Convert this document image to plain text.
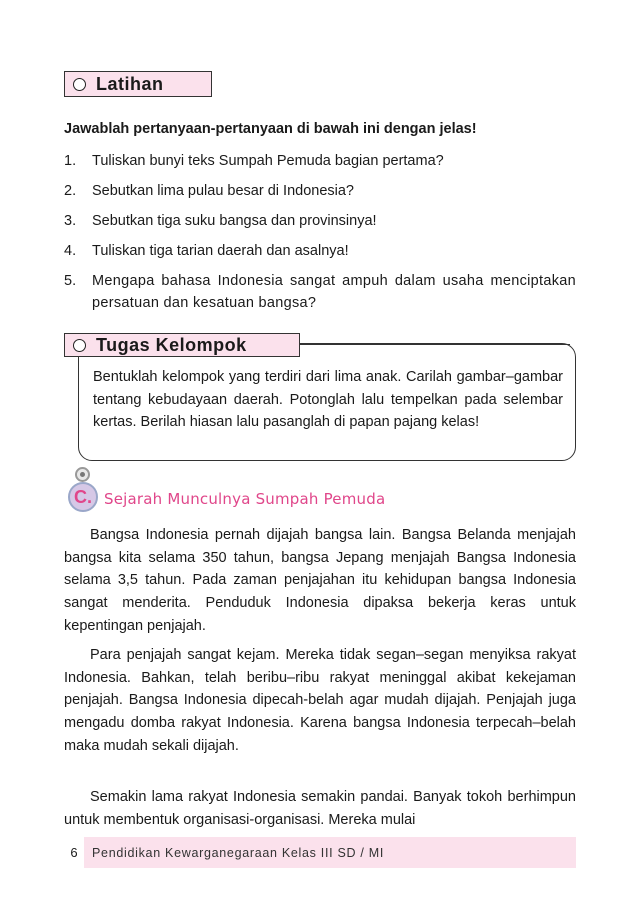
Latihan
Jawablah pertanyaan-pertanyaan di bawah ini dengan jelas!
1.	Tuliskan bunyi teks Sumpah Pemuda bagian pertama?
2.	Sebutkan lima pulau besar di Indonesia?
3.	Sebutkan tiga suku bangsa dan provinsinya!
4.	Tuliskan tiga tarian daerah dan asalnya!
5.	Mengapa bahasa Indonesia sangat ampuh dalam usaha menciptakan persatuan dan kesatuan bangsa?
Tugas Kelompok
Bentuklah kelompok yang terdiri dari lima anak. Carilah gambar–gambar tentang kebudayaan daerah. Potonglah lalu tempelkan pada selembar kertas. Berilah hiasan lalu pasanglah di papan pajang kelas!
C. Sejarah Munculnya Sumpah Pemuda

Bangsa Indonesia pernah dijajah bangsa lain. Bangsa Belanda menjajah bangsa kita selama 350 tahun, bangsa Jepang menjajah Bangsa Indonesia selama 3,5 tahun. Pada zaman penjajahan itu kehidupan bangsa Indonesia sangat menderita. Penduduk Indonesia dipaksa bekerja keras untuk kepentingan penjajah.

Para penjajah sangat kejam. Mereka tidak segan–segan menyiksa rakyat Indonesia. Bahkan, telah beribu–ribu rakyat meninggal akibat kekejaman penjajah. Bangsa Indonesia dipecah-belah agar mudah dijajah. Penjajah juga mengadu domba rakyat Indonesia. Karena bangsa Indonesia terpecah–belah maka mudah sekali dijajah.

Semakin lama rakyat Indonesia semakin pandai. Banyak tokoh berhimpun untuk membentuk organisasi-organisasi. Mereka mulai

6	Pendidikan Kewarganegaraan Kelas III SD / MI
